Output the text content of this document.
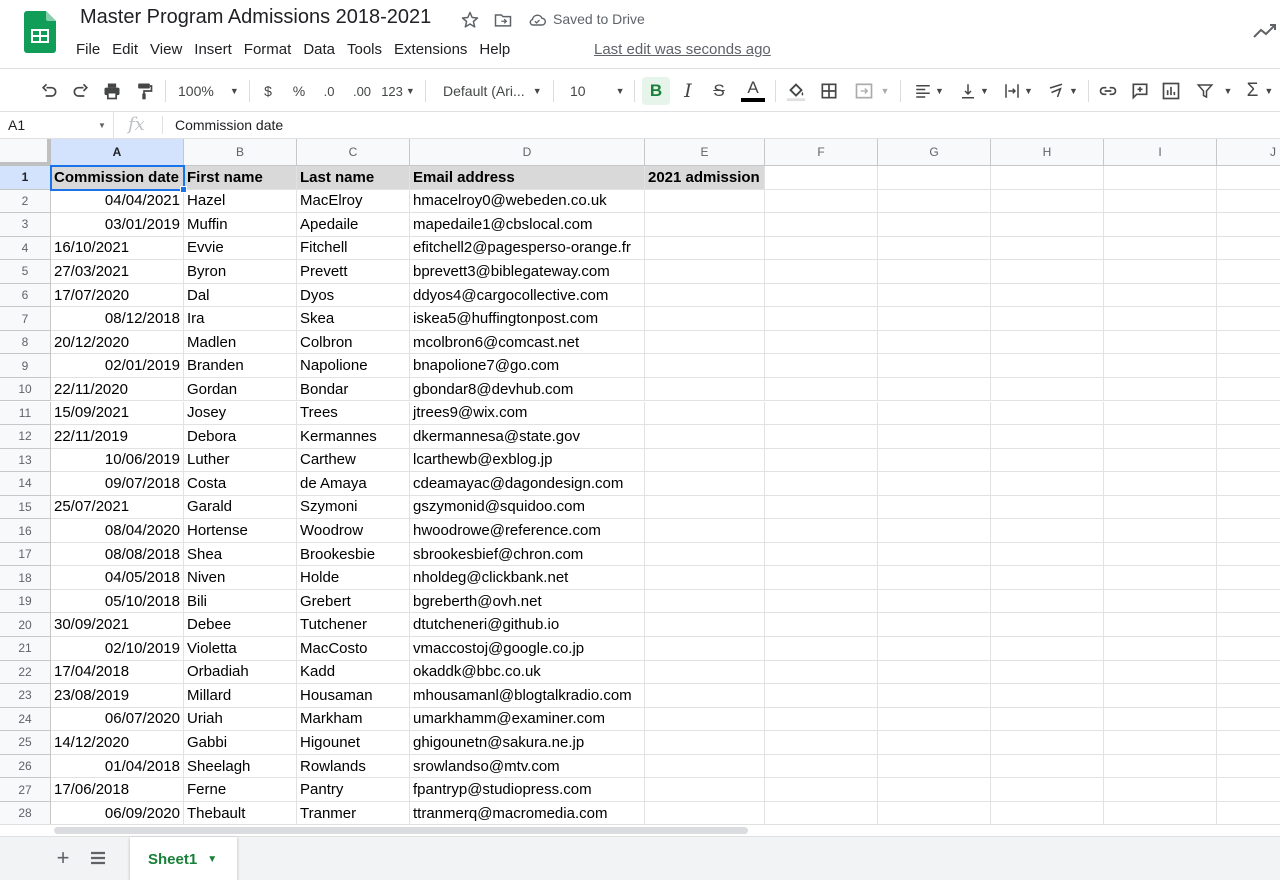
Master Program Admissions 2018-2021	Saved to Drive
File Edit View Insert Format Data Tools Extensions Help	Last edit was seconds ago
100% ▼	$	%	.0 .00 123 ▼ Default (Ari... ▼ 10	▼	B	I	S	A	▼	▼	▼	▼	▼	▼ Σ ▼
A1	▼ fx Commission date
A	B	C	D	E	F	G	H	I	J
1
2
3
4
5
6
7
8
9
10
11
12
13
14
15
16
17
18
19
20
21
22
23
24
25
26
27
28
Commission date First name	Last name	Email address	2021 admission
04/04/2021 Hazel	MacElroy	hmacelroy0@webeden.co.uk
03/01/2019 Muffin	Apedaile	mapedaile1@cbslocal.com
16/10/2021	Evvie	Fitchell	efitchell2@pagesperso-orange.fr
27/03/2021	Byron	Prevett	bprevett3@biblegateway.com
17/07/2020	Dal	Dyos	ddyos4@cargocollective.com
08/12/2018 Ira	Skea	iskea5@huffingtonpost.com
20/12/2020	Madlen	Colbron	mcolbron6@comcast.net
02/01/2019 Branden	Napolione	bnapolione7@go.com
22/11/2020	Gordan	Bondar	gbondar8@devhub.com
15/09/2021	Josey	Trees	jtrees9@wix.com
22/11/2019	Debora	Kermannes	dkermannesa@state.gov
10/06/2019 Luther	Carthew	lcarthewb@exblog.jp
09/07/2018 Costa	de Amaya	cdeamayac@dagondesign.com
25/07/2021	Garald	Szymoni	gszymonid@squidoo.com
08/04/2020 Hortense	Woodrow	hwoodrowe@reference.com
08/08/2018 Shea	Brookesbie	sbrookesbief@chron.com
04/05/2018 Niven	Holde	nholdeg@clickbank.net
05/10/2018 Bili	Grebert	bgreberth@ovh.net
30/09/2021	Debee	Tutchener	dtutcheneri@github.io
02/10/2019 Violetta	MacCosto	vmaccostoj@google.co.jp
17/04/2018	Orbadiah	Kadd	okaddk@bbc.co.uk
23/08/2019	Millard	Housaman	mhousamanl@blogtalkradio.com
06/07/2020 Uriah	Markham	umarkhamm@examiner.com
14/12/2020	Gabbi	Higounet	ghigounetn@sakura.ne.jp
01/04/2018 Sheelagh	Rowlands	srowlandso@mtv.com
17/06/2018	Ferne	Pantry	fpantryp@studiopress.com
06/09/2020 Thebault	Tranmer	ttranmerq@macromedia.com
+	Sheet1 ▼
